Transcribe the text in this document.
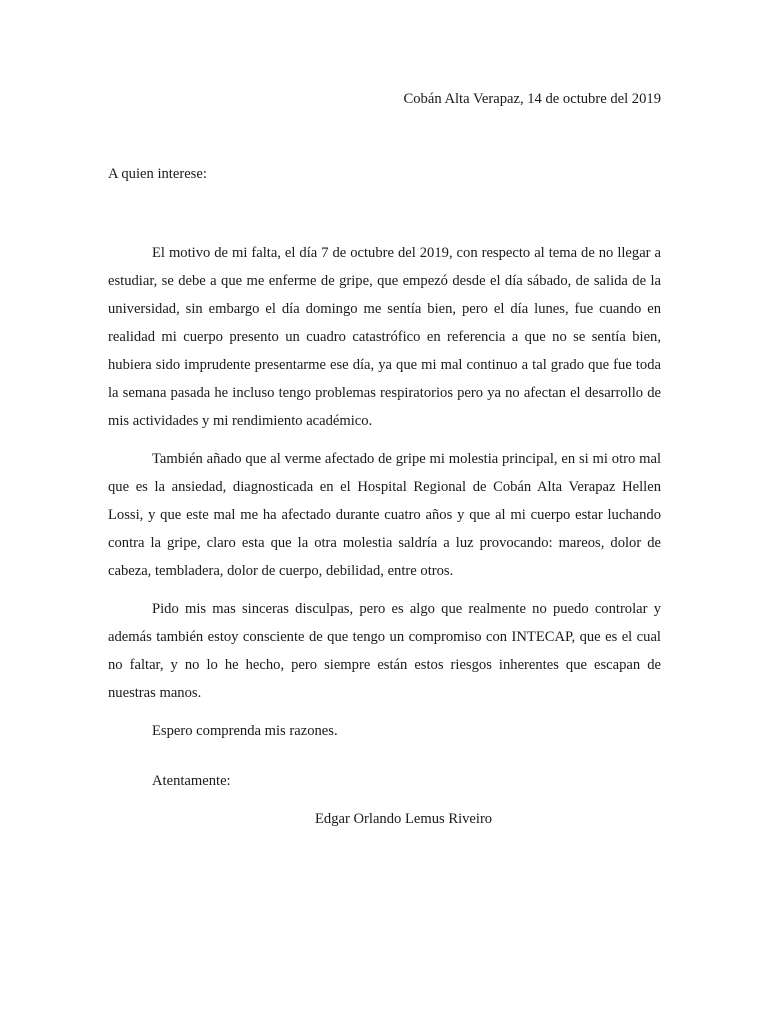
Cobán Alta Verapaz, 14 de octubre del 2019
A quien interese:

El motivo de mi falta, el día 7 de octubre del 2019, con respecto al tema de no llegar a estudiar, se debe a que me enferme de gripe, que empezó desde el día sábado, de salida de la universidad, sin embargo el día domingo me sentía bien, pero el día lunes, fue cuando en realidad mi cuerpo presento un cuadro catastrófico en referencia a que no se sentía bien, hubiera sido imprudente presentarme ese día, ya que mi mal continuo a tal grado que fue toda la semana pasada he incluso tengo problemas respiratorios pero ya no afectan el desarrollo de mis actividades y mi rendimiento académico.

También añado que al verme afectado de gripe mi molestia principal, en si mi otro mal que es la ansiedad, diagnosticada en el Hospital Regional de Cobán Alta Verapaz Hellen Lossi, y que este mal me ha afectado durante cuatro años y que al mi cuerpo estar luchando contra la gripe, claro esta que la otra molestia saldría a luz provocando: mareos, dolor de cabeza, tembladera, dolor de cuerpo, debilidad, entre otros.

Pido mis mas sinceras disculpas, pero es algo que realmente no puedo controlar y además también estoy consciente de que tengo un compromiso con INTECAP, que es el cual no faltar, y no lo he hecho, pero siempre están estos riesgos inherentes que escapan de nuestras manos.

Espero comprenda mis razones.

Atentamente:
Edgar Orlando Lemus Riveiro
